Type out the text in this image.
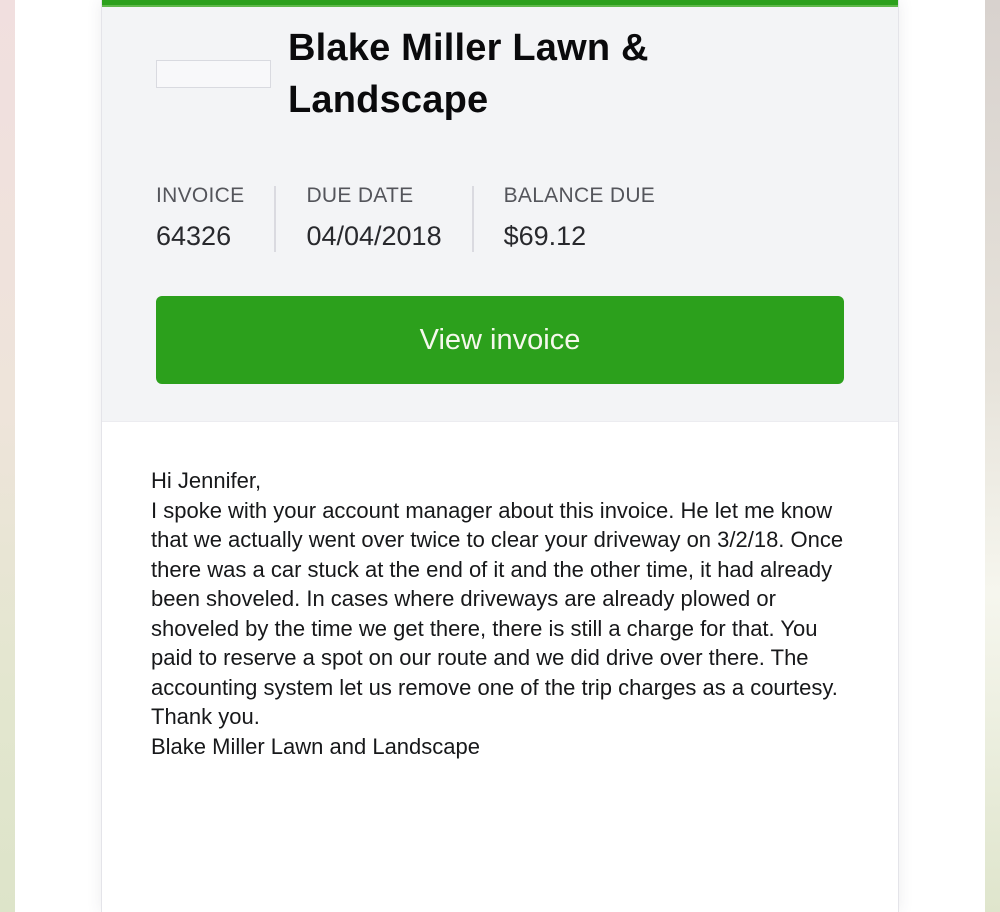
Blake Miller Lawn & Landscape
INVOICE
64326
DUE DATE
04/04/2018
BALANCE DUE
$69.12
View invoice

Hi Jennifer,

I spoke with your account manager about this invoice. He let me know that we actually went over twice to clear your driveway on 3/2/18. Once there was a car stuck at the end of it and the other time, it had already been shoveled. In cases where driveways are already plowed or shoveled by the time we get there, there is still a charge for that. You paid to reserve a spot on our route and we did drive over there. The accounting system let us remove one of the trip charges as a courtesy.

Thank you.

Blake Miller Lawn and Landscape
